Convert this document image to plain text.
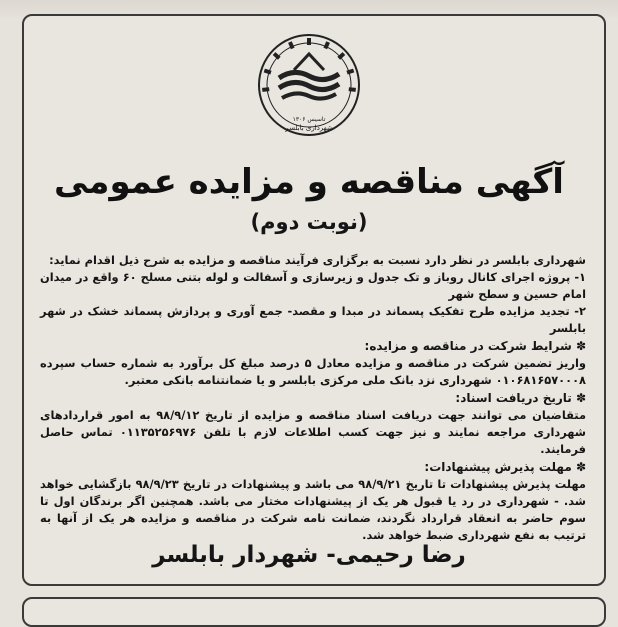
تاسیس ۱۳۰۶
شهرداری بابلسر
آگهی مناقصه و مزایده عمومی
(نوبت دوم)

شهرداری بابلسر در نظر دارد نسبت به برگزاری فرآیند مناقصه و مزایده به شرح ذیل اقدام نماید:

۱- پروژه اجرای کانال روباز و تک جدول و زیرسازی و آسفالت و لوله بتنی مسلح ۶۰ واقع در میدان امام حسین و سطح شهر

۲- تجدید مزایده طرح تفکیک پسماند در مبدا و مقصد- جمع آوری و پردازش پسماند خشک در شهر بابلسر

✽ شرایط شرکت در مناقصه و مزایده:

واریز تضمین شرکت در مناقصه و مزایده معادل ۵ درصد مبلغ کل برآورد به شماره حساب سپرده ۰۱۰۶۸۱۶۵۷۰۰۰۸ شهرداری نزد بانک ملی مرکزی بابلسر و یا ضمانتنامه بانکی معتبر.

✽ تاریخ دریافت اسناد:

متقاضیان می توانند جهت دریافت اسناد مناقصه و مزایده از تاریخ ۹۸/۹/۱۲ به امور قراردادهای شهرداری مراجعه نمایند و نیز جهت کسب اطلاعات لازم با تلفن ۰۱۱۳۵۲۵۶۹۷۶ تماس حاصل فرمایند.

✽ مهلت پذیرش پیشنهادات:

مهلت پذیرش پیشنهادات تا تاریخ ۹۸/۹/۲۱ می باشد و پیشنهادات در تاریخ ۹۸/۹/۲۳ بازگشایی خواهد شد. - شهرداری در رد یا قبول هر یک از پیشنهادات مختار می باشد. همچنین اگر برندگان اول تا سوم حاضر به انعقاد قرارداد نگردند، ضمانت نامه شرکت در مناقصه و مزایده هر یک از آنها به ترتیب به نفع شهرداری ضبط خواهد شد.

رضا رحیمی- شهردار بابلسر
